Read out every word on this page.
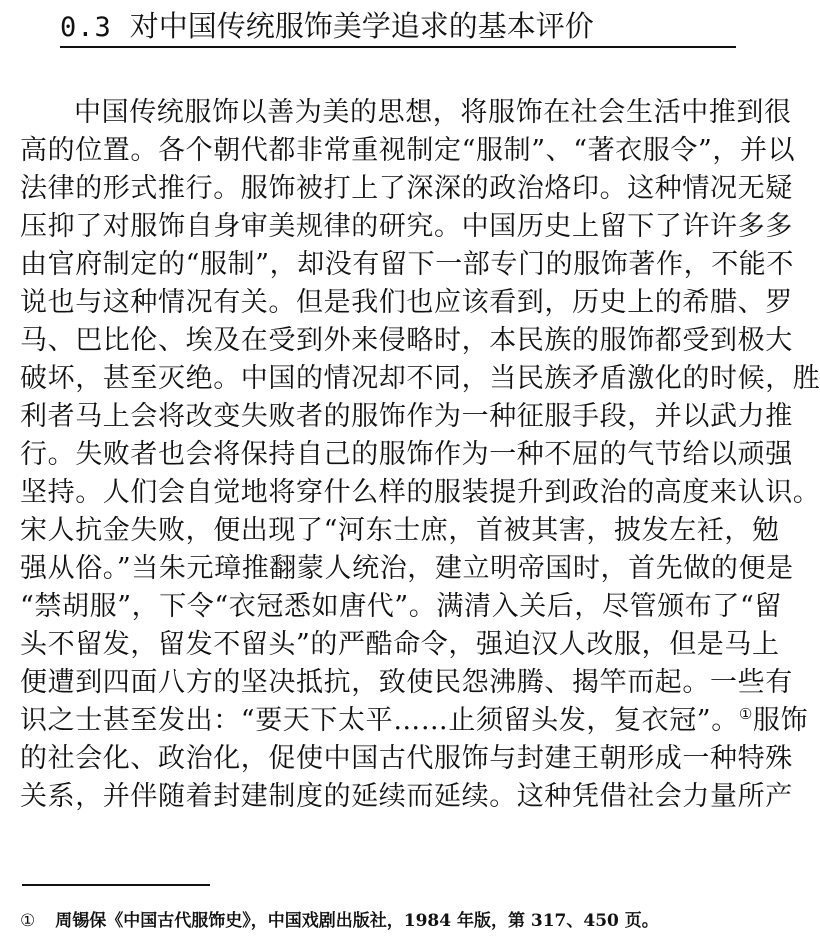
0.3 对中国传统服饰美学追求的基本评价
中国传统服饰以善为美的思想，将服饰在社会生活中推到很
高的位置。各个朝代都非常重视制定“服制”、“著衣服令”，并以
法律的形式推行。服饰被打上了深深的政治烙印。这种情况无疑
压抑了对服饰自身审美规律的研究。中国历史上留下了许许多多
由官府制定的“服制”，却没有留下一部专门的服饰著作，不能不
说也与这种情况有关。但是我们也应该看到，历史上的希腊、罗
马、巴比伦、埃及在受到外来侵略时，本民族的服饰都受到极大
破坏，甚至灭绝。中国的情况却不同，当民族矛盾激化的时候，胜
利者马上会将改变失败者的服饰作为一种征服手段，并以武力推
行。失败者也会将保持自己的服饰作为一种不屈的气节给以顽强
坚持。人们会自觉地将穿什么样的服装提升到政治的高度来认识。
宋人抗金失败，便出现了“河东士庶，首被其害，披发左衽，勉
强从俗。”当朱元璋推翻蒙人统治，建立明帝国时，首先做的便是
“禁胡服”，下令“衣冠悉如唐代”。满清入关后，尽管颁布了“留
头不留发，留发不留头”的严酷命令，强迫汉人改服，但是马上
便遭到四面八方的坚决抵抗，致使民怨沸腾、揭竿而起。一些有
识之士甚至发出：“要天下太平……止须留头发，复衣冠”。①服饰
的社会化、政治化，促使中国古代服饰与封建王朝形成一种特殊
关系，并伴随着封建制度的延续而延续。这种凭借社会力量所产
① 周锡保《中国古代服饰史》，中国戏剧出版社，1984 年版，第 317、450 页。
